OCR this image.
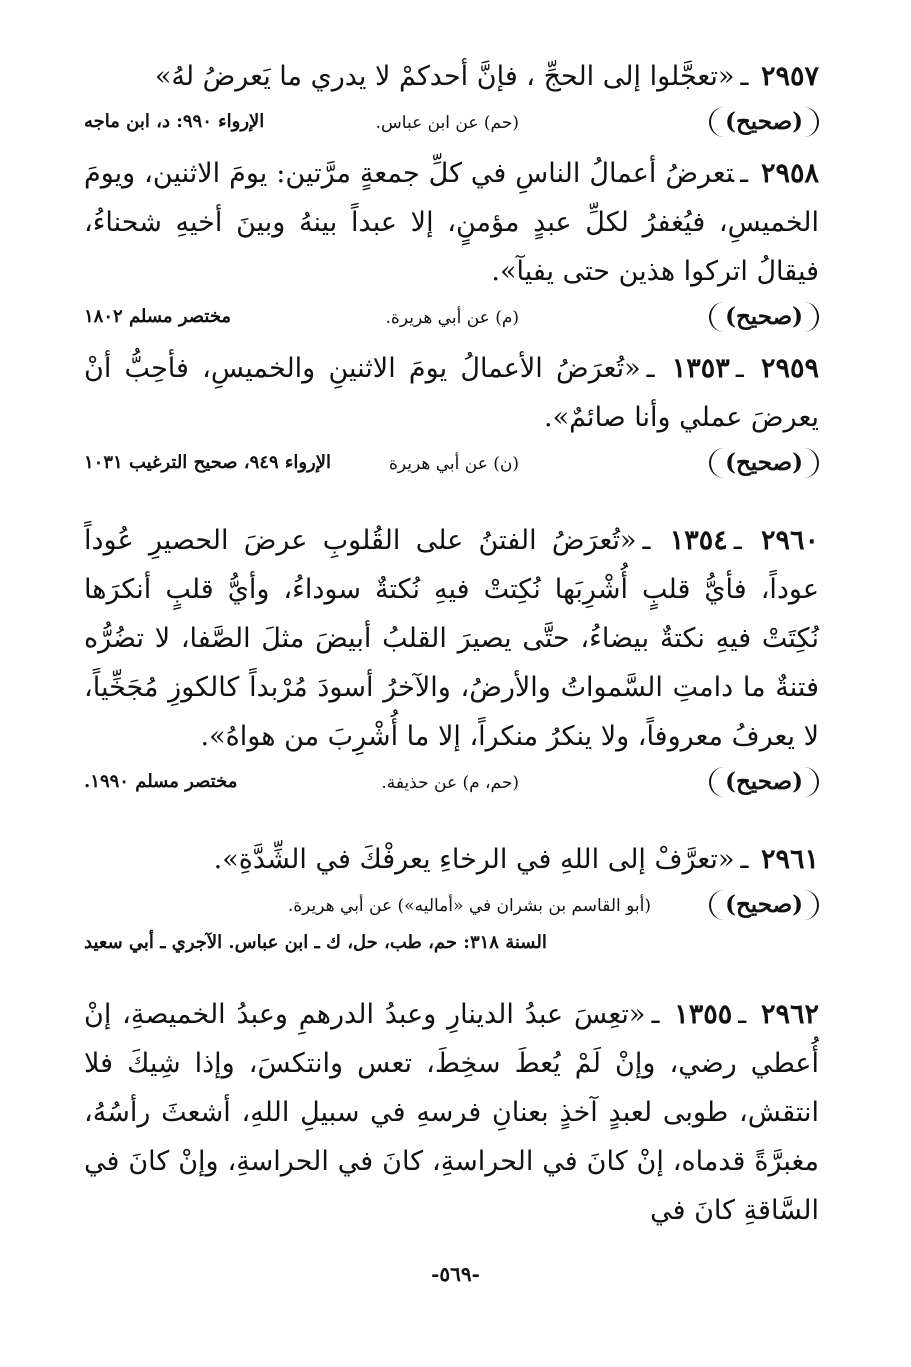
٢٩٥٧ ـ«تعجَّلوا إلى الحجِّ ، فإنَّ أحدكمْ لا يدري ما يَعرضُ لهُ»
(صحيح)
(حم) عن ابن عباس.
الإرواء ٩٩٠: د، ابن ماجه
٢٩٥٨ ـتعرضُ أعمالُ الناسِ في كلِّ جمعةٍ مرَّتين: يومَ الاثنين، ويومَ الخميسِ، فيُغفرُ لكلِّ عبدٍ مؤمنٍ، إلا عبداً بينهُ وبينَ أخيهِ شحناءُ، فيقالُ اتركوا هذين حتى يفيآ».
(صحيح)
(م) عن أبي هريرة.
مختصر مسلم ١٨٠٢
٢٩٥٩ ـ١٣٥٣ ـ«تُعرَضُ الأعمالُ يومَ الاثنينِ والخميسِ، فأحِبُّ أنْ يعرضَ عملي وأنا صائمٌ».
(صحيح)
(ن) عن أبي هريرة
الإرواء ٩٤٩، صحيح الترغيب ١٠٣١
٢٩٦٠ ـ١٣٥٤ ـ«تُعرَضُ الفتنُ على القُلوبِ عرضَ الحصيرِ عُوداً عوداً، فأيُّ قلبٍ أُشْرِبَها نُكِتتْ فيهِ نُكتةٌ سوداءُ، وأيُّ قلبٍ أنكرَها نُكِتَتْ فيهِ نكتةٌ بيضاءُ، حتَّى يصيرَ القلبُ أبيضَ مثلَ الصَّفا، لا تضُرُّه فتنةٌ ما دامتِ السَّمواتُ والأرضُ، والآخرُ أسودَ مُرْبداً كالكوزِ مُجَخِّياً، لا يعرفُ معروفاً، ولا ينكرُ منكراً، إلا ما أُشْرِبَ من هواهُ».
(صحيح)
(حم، م) عن حذيفة.
مختصر مسلم ١٩٩٠.
٢٩٦١ ـ«تعرَّفْ إلى اللهِ في الرخاءِ يعرفْكَ في الشِّدَّةِ».
(صحيح)
(أبو القاسم بن بشران في «أماليه») عن أبي هريرة.
السنة ٣١٨: حم، طب، حل، ك ـ ابن عباس. الآجري ـ أبي سعيد
٢٩٦٢ ـ١٣٥٥ ـ«تعِسَ عبدُ الدينارِ وعبدُ الدرهمِ وعبدُ الخميصةِ، إنْ أُعطي رضي، وإنْ لَمْ يُعطَ سخِطَ، تعس وانتكسَ، وإذا شِيكَ فلا انتقش، طوبى لعبدٍ آخذٍ بعنانِ فرسهِ في سبيلِ اللهِ، أشعثَ رأسُهُ، مغبرَّةً قدماه، إنْ كانَ في الحراسةِ، كانَ في الحراسةِ، وإنْ كانَ في السَّاقةِ كانَ في
-٥٦٩-
